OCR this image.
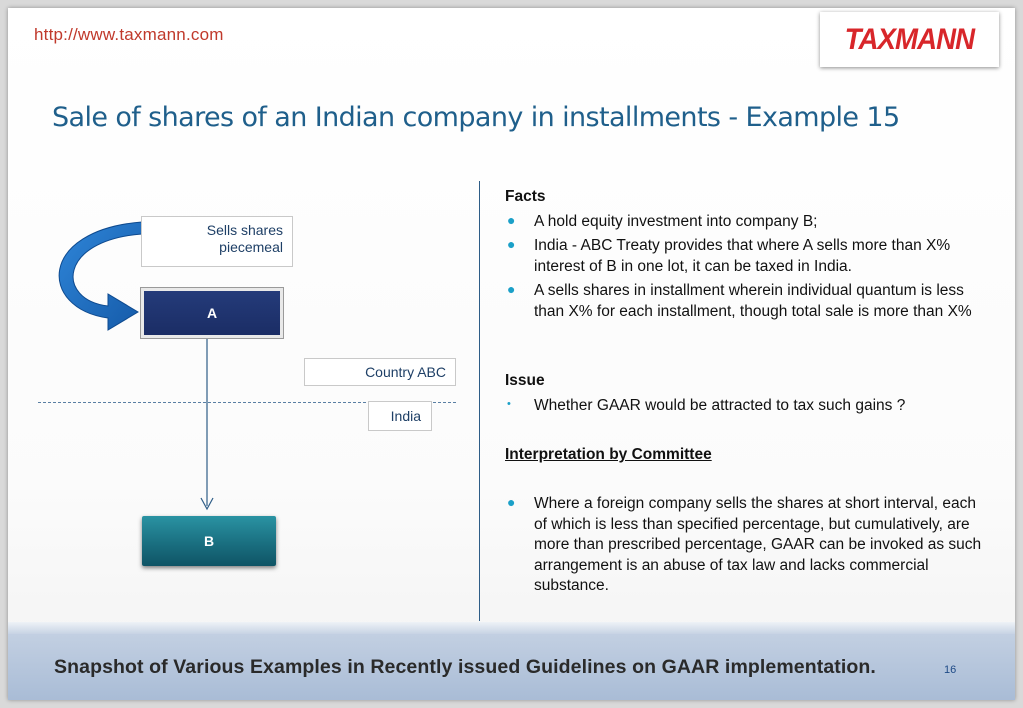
http://www.taxmann.com	TAXMANN
Sale of shares of an Indian company in installments - Example 15
Sells shares
piecemeal
A
Country ABC
India
B
Facts
● A hold equity investment into company B;
● India - ABC Treaty provides that where A sells more than X% interest of B in one lot, it can be taxed in India.
● A sells shares in installment wherein individual quantum is less than X% for each installment, though total sale is more than X%
Issue
• Whether GAAR would be attracted to tax such gains ?
Interpretation by Committee
● Where a foreign company sells the shares at short interval, each of which is less than specified percentage, but cumulatively, are more than prescribed percentage, GAAR can be invoked as such arrangement is an abuse of tax law and lacks commercial substance.
Snapshot of Various Examples in Recently issued Guidelines on GAAR implementation.	16
